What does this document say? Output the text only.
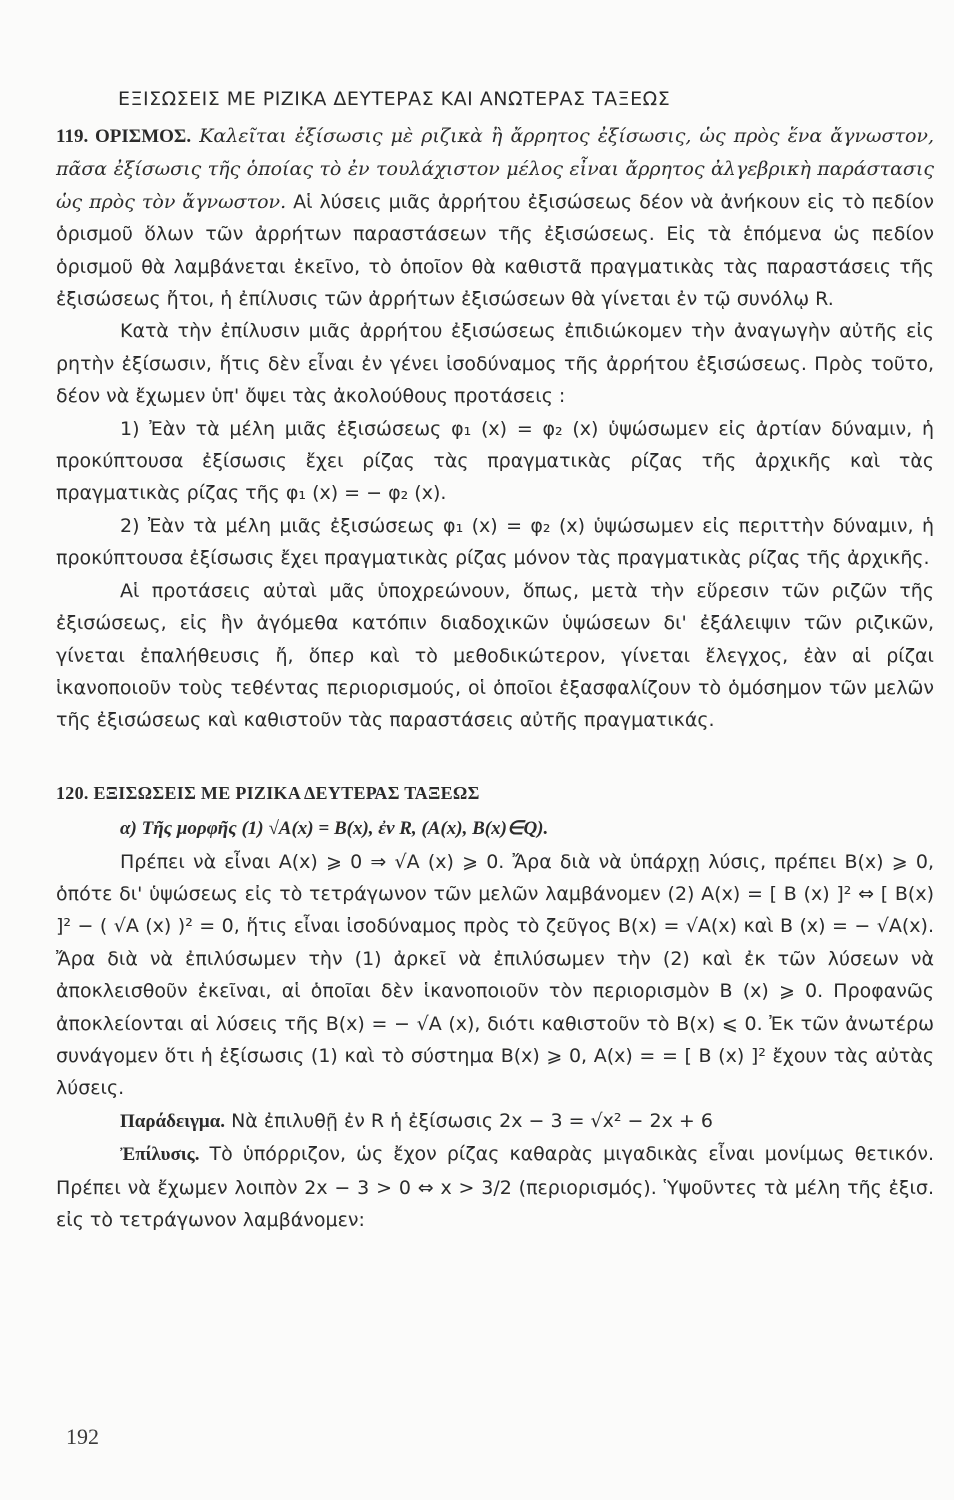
ΕΞΙΣΩΣΕΙΣ ΜΕ ΡΙΖΙΚΑ ΔΕΥΤΕΡΑΣ ΚΑΙ ΑΝΩΤΕΡΑΣ ΤΑΞΕΩΣ

119. ΟΡΙΣΜΟΣ. Καλεῖται ἐξίσωσις μὲ ριζικὰ ἢ ἄρρητος ἐξίσωσις, ὡς πρὸς ἕνα ἄγνωστον, πᾶσα ἐξίσωσις τῆς ὁποίας τὸ ἐν τουλάχιστον μέλος εἶναι ἄρρητος ἀλγεβρικὴ παράστασις ὡς πρὸς τὸν ἄγνωστον. Αἱ λύσεις μιᾶς ἀρρήτου ἐξισώσεως δέον νὰ ἀνήκουν εἰς τὸ πεδίον ὁρισμοῦ ὅλων τῶν ἀρρήτων παραστάσεων τῆς ἐξισώσεως. Εἰς τὰ ἑπόμενα ὡς πεδίον ὁρισμοῦ θὰ λαμβάνεται ἐκεῖνο, τὸ ὁποῖον θὰ καθιστᾶ πραγματικὰς τὰς παραστάσεις τῆς ἐξισώσεως ἤτοι, ἡ ἐπίλυσις τῶν ἀρρήτων ἐξισώσεων θὰ γίνεται ἐν τῷ συνόλῳ R.

Κατὰ τὴν ἐπίλυσιν μιᾶς ἀρρήτου ἐξισώσεως ἐπιδιώκομεν τὴν ἀναγωγὴν αὐτῆς εἰς ρητὴν ἐξίσωσιν, ἥτις δὲν εἶναι ἐν γένει ἰσοδύναμος τῆς ἀρρήτου ἐξισώσεως. Πρὸς τοῦτο, δέον νὰ ἔχωμεν ὑπ' ὄψει τὰς ἀκολούθους προτάσεις :

1) Ἐὰν τὰ μέλη μιᾶς ἐξισώσεως φ₁ (x) = φ₂ (x) ὑψώσωμεν εἰς ἀρτίαν δύναμιν, ἡ προκύπτουσα ἐξίσωσις ἔχει ρίζας τὰς πραγματικὰς ρίζας τῆς ἀρχικῆς καὶ τὰς πραγματικὰς ρίζας τῆς φ₁ (x) = − φ₂ (x).

2) Ἐὰν τὰ μέλη μιᾶς ἐξισώσεως φ₁ (x) = φ₂ (x) ὑψώσωμεν εἰς περιττὴν δύναμιν, ἡ προκύπτουσα ἐξίσωσις ἔχει πραγματικὰς ρίζας μόνον τὰς πραγματικὰς ρίζας τῆς ἀρχικῆς.

Αἱ προτάσεις αὐταὶ μᾶς ὑποχρεώνουν, ὅπως, μετὰ τὴν εὕρεσιν τῶν ριζῶν τῆς ἐξισώσεως, εἰς ἣν ἀγόμεθα κατόπιν διαδοχικῶν ὑψώσεων δι' ἐξάλειψιν τῶν ριζικῶν, γίνεται ἐπαλήθευσις ἤ, ὅπερ καὶ τὸ μεθοδικώτερον, γίνεται ἔλεγχος, ἐὰν αἱ ρίζαι ἱκανοποιοῦν τοὺς τεθέντας περιορισμούς, οἱ ὁποῖοι ἐξασφαλίζουν τὸ ὁμόσημον τῶν μελῶν τῆς ἐξισώσεως καὶ καθιστοῦν τὰς παραστάσεις αὐτῆς πραγματικάς.

120. ΕΞΙΣΩΣΕΙΣ ΜΕ ΡΙΖΙΚΑ ΔΕΥΤΕΡΑΣ ΤΑΞΕΩΣ
α) Τῆς μορφῆς (1) √A(x) = B(x), ἐν R, (A(x), B(x)∈Q).

Πρέπει νὰ εἶναι A(x) ⩾ 0 ⇒ √A (x) ⩾ 0. Ἄρα διὰ νὰ ὑπάρχῃ λύσις, πρέπει B(x) ⩾ 0, ὁπότε δι' ὑψώσεως εἰς τὸ τετράγωνον τῶν μελῶν λαμβάνομεν (2) A(x) = [ B (x) ]² ⇔ [ B(x) ]² − ( √A (x) )² = 0, ἥτις εἶναι ἰσοδύναμος πρὸς τὸ ζεῦγος B(x) = √A(x) καὶ B (x) = − √A(x). Ἄρα διὰ νὰ ἐπιλύσωμεν τὴν (1) ἀρκεῖ νὰ ἐπιλύσωμεν τὴν (2) καὶ ἐκ τῶν λύσεων νὰ ἀποκλεισθοῦν ἐκεῖναι, αἱ ὁποῖαι δὲν ἱκανοποιοῦν τὸν περιορισμὸν B (x) ⩾ 0. Προφανῶς ἀποκλείονται αἱ λύσεις τῆς B(x) = − √A (x), διότι καθιστοῦν τὸ B(x) ⩽ 0. Ἐκ τῶν ἀνωτέρω συνάγομεν ὅτι ἡ ἐξίσωσις (1) καὶ τὸ σύστημα B(x) ⩾ 0, A(x) = = [ B (x) ]² ἔχουν τὰς αὐτὰς λύσεις.

Παράδειγμα. Νὰ ἐπιλυθῇ ἐν R ἡ ἐξίσωσις 2x − 3 = √x² − 2x + 6

Ἐπίλυσις. Τὸ ὑπόρριζον, ὡς ἔχον ρίζας καθαρὰς μιγαδικὰς εἶναι μονίμως θετικόν. Πρέπει νὰ ἔχωμεν λοιπὸν 2x − 3 > 0 ⇔ x > 3/2 (περιορισμός). Ὑψοῦντες τὰ μέλη τῆς ἐξισ. εἰς τὸ τετράγωνον λαμβάνομεν:

192
